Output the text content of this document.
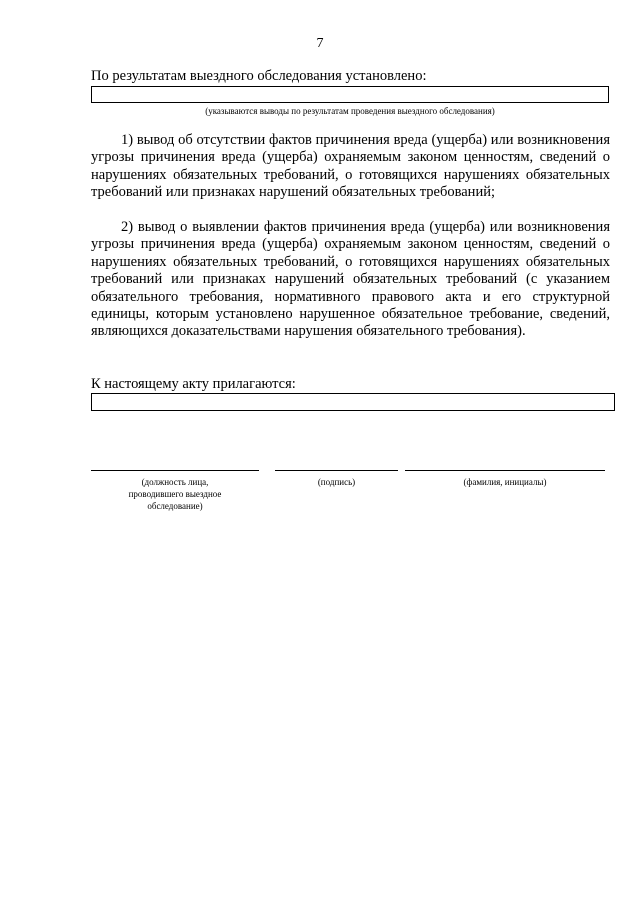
7
По результатам выездного обследования установлено:
(указываются выводы по результатам проведения выездного обследования)

1) вывод об отсутствии фактов причинения вреда (ущерба) или возникновения угрозы причинения вреда (ущерба) охраняемым законом ценностям, сведений о нарушениях обязательных требований, о готовящихся нарушениях обязательных требований или признаках нарушений обязательных требований;

2) вывод о выявлении фактов причинения вреда (ущерба) или возникновения угрозы причинения вреда (ущерба) охраняемым законом ценностям, сведений о нарушениях обязательных требований, о готовящихся нарушениях обязательных требований или признаках нарушений обязательных требований (с указанием обязательного требования, нормативного правового акта и его структурной единицы, которым установлено нарушенное обязательное требование, сведений, являющихся доказательствами нарушения обязательного требования).

К настоящему акту прилагаются:
(должность лица,
проводившего выездное
обследование)
(подпись)	(фамилия, инициалы)
